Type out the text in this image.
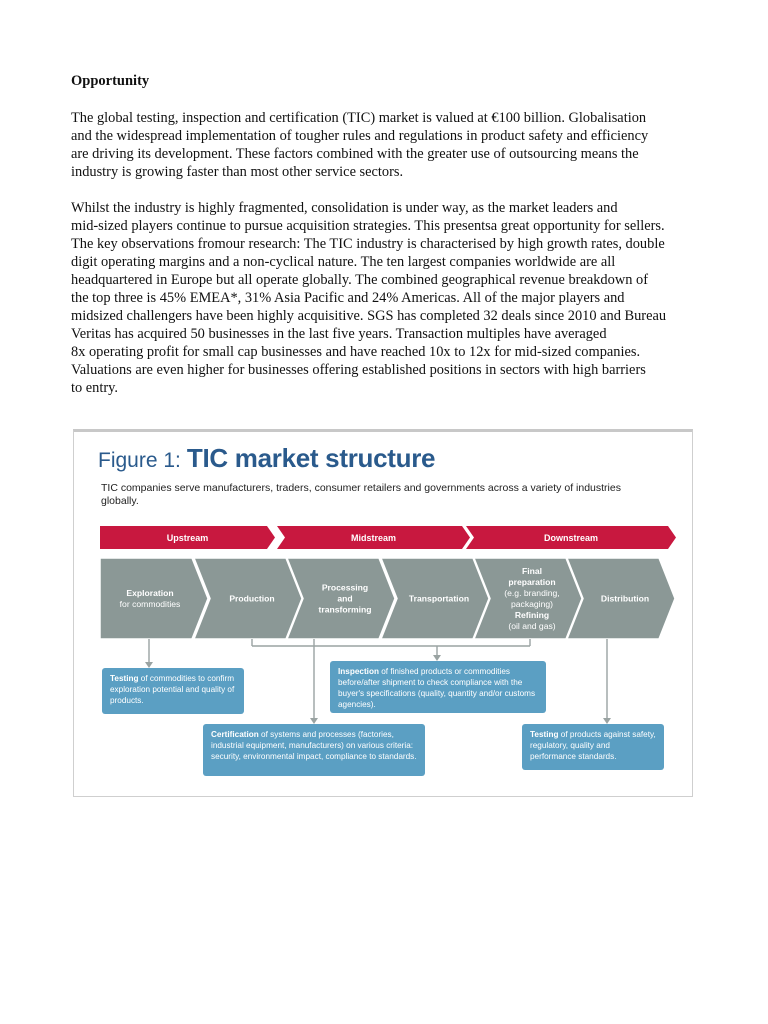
Opportunity

The global testing, inspection and certification (TIC) market is valued at €100 billion. Globalisation
and the widespread implementation of tougher rules and regulations in product safety and efficiency
are driving its development. These factors combined with the greater use of outsourcing means the
industry is growing faster than most other service sectors.

Whilst the industry is highly fragmented, consolidation is under way, as the market leaders and
mid-sized players continue to pursue acquisition strategies. This presentsa great opportunity for sellers.
The key observations fromour research: The TIC industry is characterised by high growth rates, double
digit operating margins and a non-cyclical nature. The ten largest companies worldwide are all
headquartered in Europe but all operate globally. The combined geographical revenue breakdown of
the top three is 45% EMEA*, 31% Asia Pacific and 24% Americas. All of the major players and
midsized challengers have been highly acquisitive. SGS has completed 32 deals since 2010 and Bureau
Veritas has acquired 50 businesses in the last five years. Transaction multiples have averaged
8x operating profit for small cap businesses and have reached 10x to 12x for mid-sized companies.
Valuations are even higher for businesses offering established positions in sectors with high barriers
to entry.

Upstream	Midstream	Downstream
Exploration
for commodities
Production
Processing
and
transforming
Transportation
Final
preparation
(e.g. branding,
packaging)
Refining
(oil and gas)
Distribution
Figure 1: TIC market structure

TIC companies serve manufacturers, traders, consumer retailers and governments across a variety of industries globally.

Testing of commodities to confirm exploration potential and quality of products.
Inspection of finished products or commodities before/after shipment to check compliance with the buyer's specifications (quality, quantity and/or customs agencies).
Certification of systems and processes (factories, industrial equipment, manufacturers) on various criteria: security, environmental impact, compliance to standards.
Testing of products against safety, regulatory, quality and performance standards.
